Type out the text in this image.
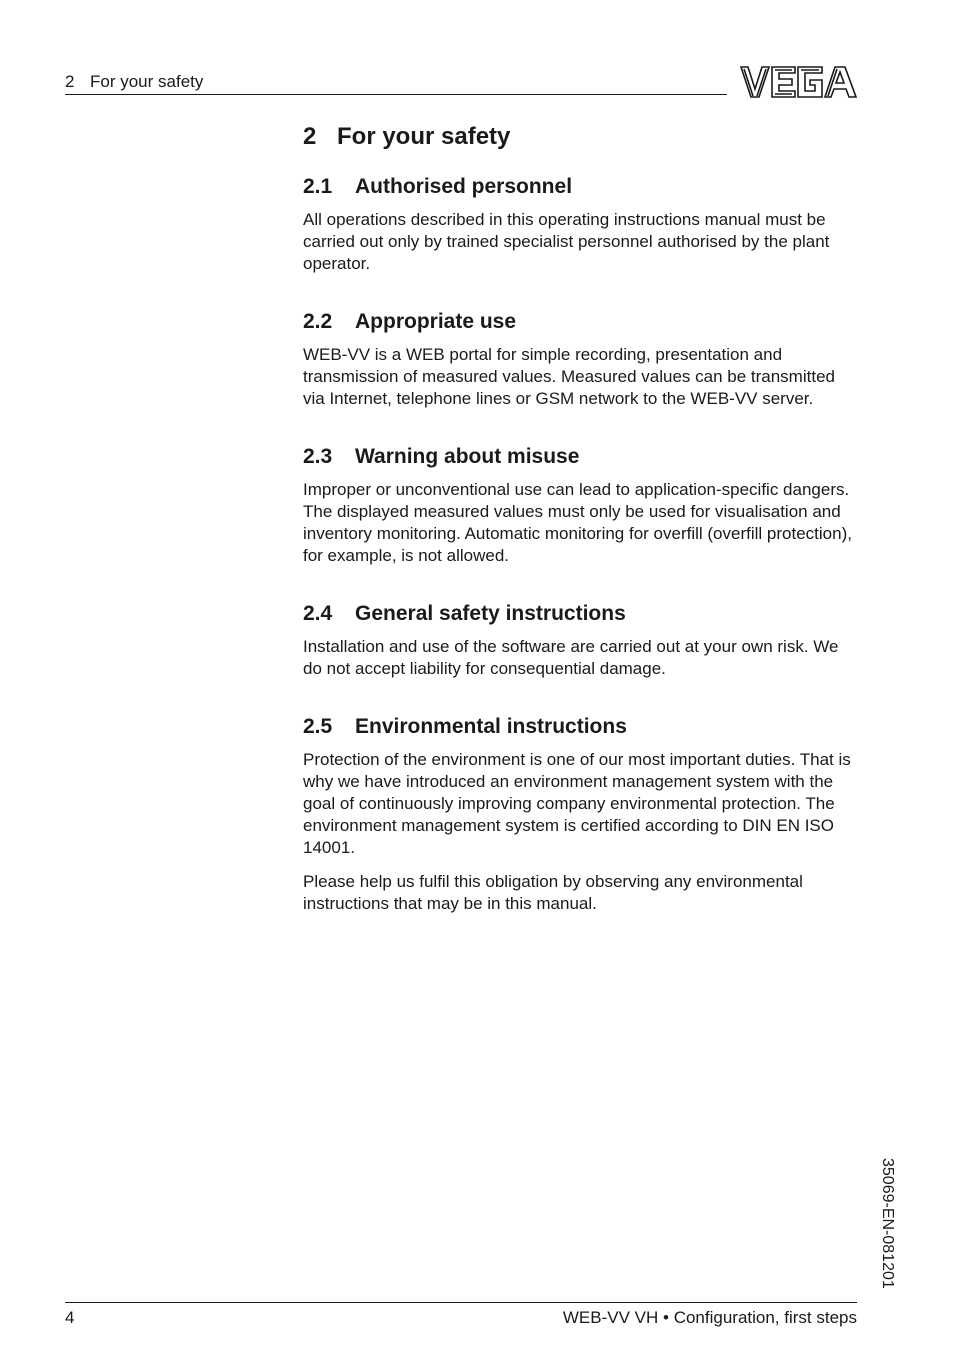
2 For your safety
2 For your safety
2.1 Authorised personnel

All operations described in this operating instructions manual must be carried out only by trained specialist personnel authorised by the plant operator.

2.2 Appropriate use

WEB-VV is a WEB portal for simple recording, presentation and transmission of measured values. Measured values can be transmitted via Internet, telephone lines or GSM network to the WEB-VV server.

2.3 Warning about misuse

Improper or unconventional use can lead to application-specific dangers. The displayed measured values must only be used for visualisation and inventory monitoring. Automatic monitoring for overfill (overfill protection), for example, is not allowed.

2.4 General safety instructions

Installation and use of the software are carried out at your own risk. We do not accept liability for consequential damage.

2.5 Environmental instructions

Protection of the environment is one of our most important duties. That is why we have introduced an environment management system with the goal of continuously improving company environmental protection. The environment management system is certified according to DIN EN ISO 14001.

Please help us fulfil this obligation by observing any environmental instructions that may be in this manual.

35069-EN-081201
4	WEB-VV VH • Configuration, first steps
